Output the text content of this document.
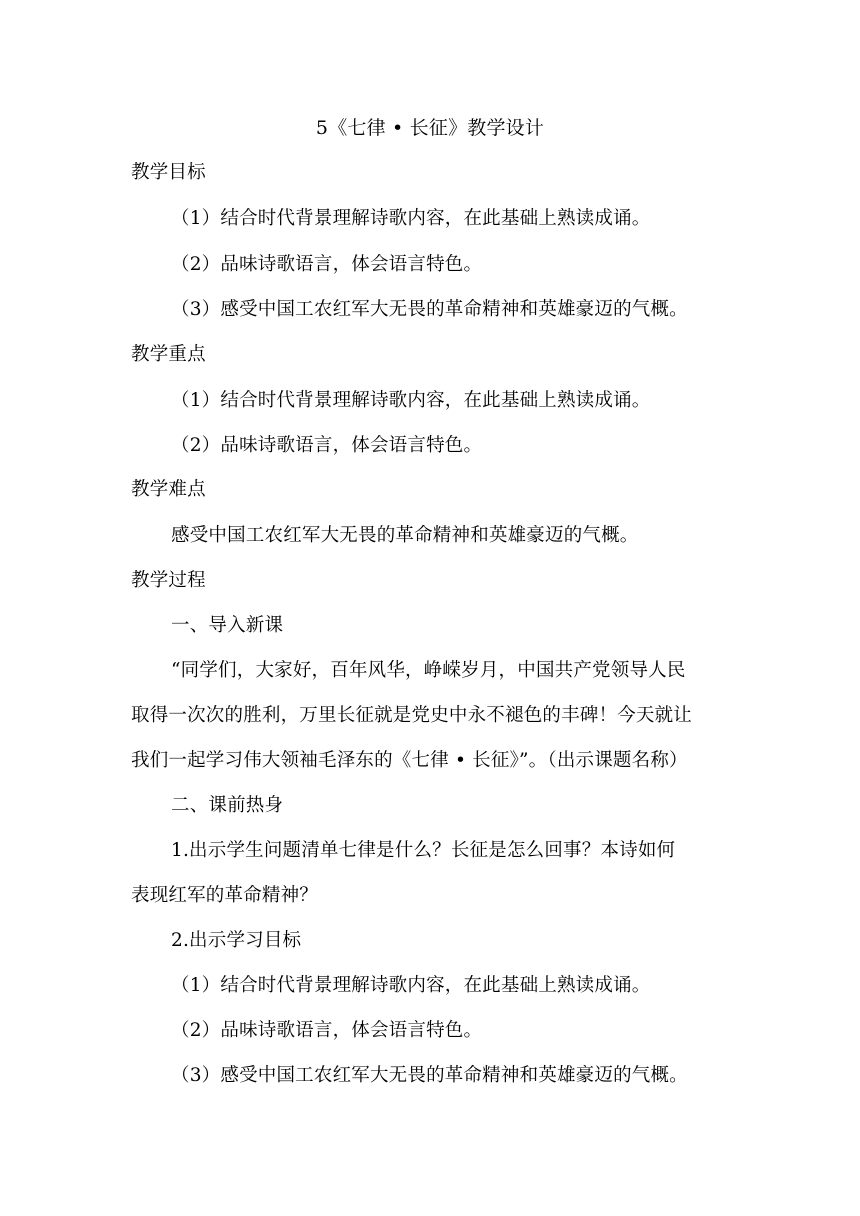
5《七律 • 长征》教学设计
教学目标
（1）结合时代背景理解诗歌内容，在此基础上熟读成诵。
（2）品味诗歌语言，体会语言特色。
（3）感受中国工农红军大无畏的革命精神和英雄豪迈的气概。
教学重点
（1）结合时代背景理解诗歌内容，在此基础上熟读成诵。
（2）品味诗歌语言，体会语言特色。
教学难点
感受中国工农红军大无畏的革命精神和英雄豪迈的气概。
教学过程
一、导入新课
“同学们，大家好，百年风华，峥嵘岁月，中国共产党领导人民
取得一次次的胜利，万里长征就是党史中永不褪色的丰碑！今天就让
我们一起学习伟大领袖毛泽东的《七律 • 长征》”。（出示课题名称）
二、课前热身
1.出示学生问题清单七律是什么？长征是怎么回事？本诗如何
表现红军的革命精神？
2.出示学习目标
（1）结合时代背景理解诗歌内容，在此基础上熟读成诵。
（2）品味诗歌语言，体会语言特色。
（3）感受中国工农红军大无畏的革命精神和英雄豪迈的气概。
